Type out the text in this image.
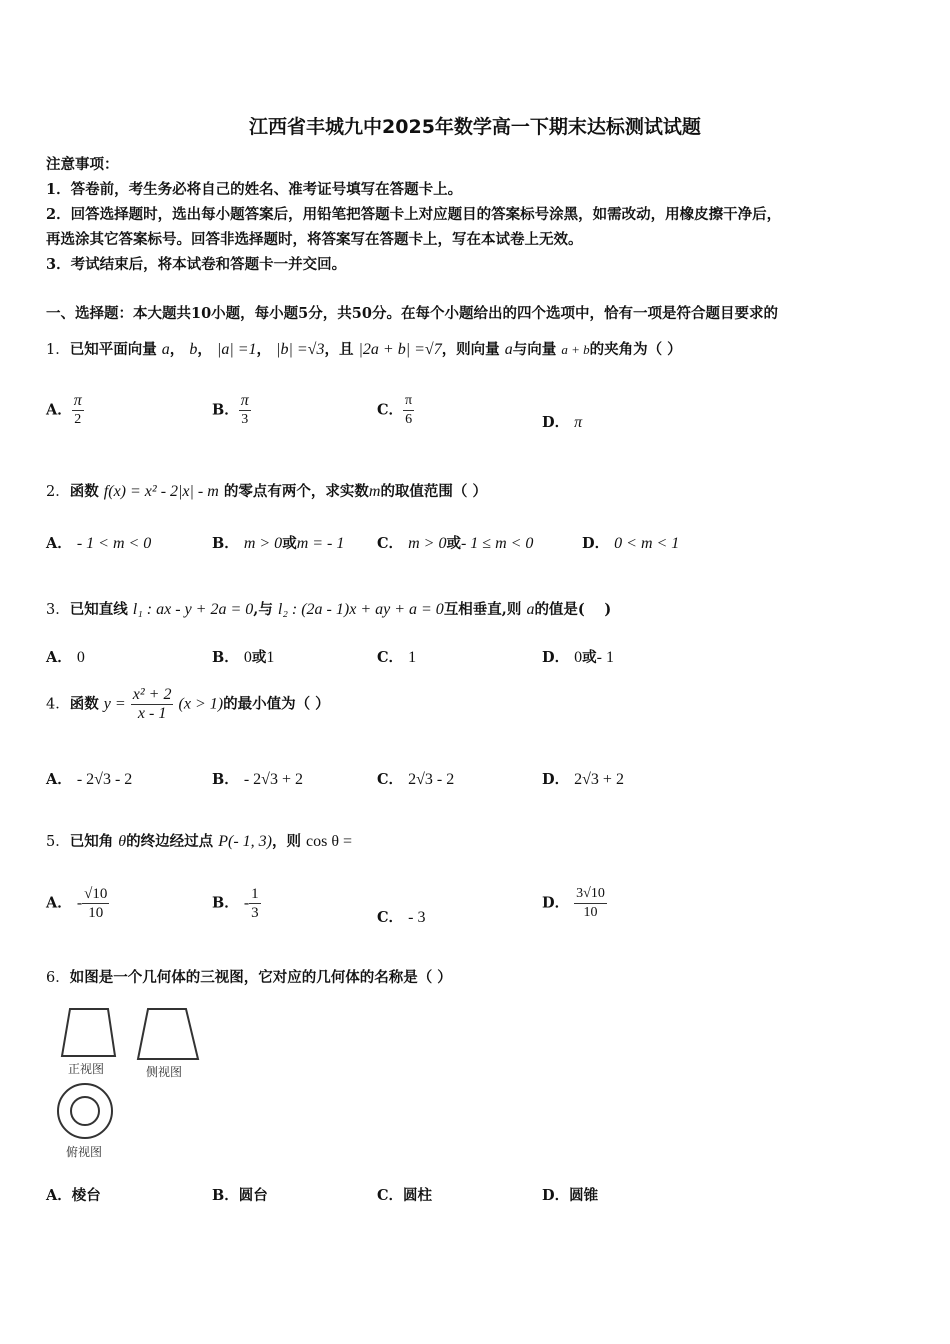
江西省丰城九中2025年数学高一下期末达标测试试题
注意事项：
1．答卷前，考生务必将自己的姓名、准考证号填写在答题卡上。
2．回答选择题时，选出每小题答案后，用铅笔把答题卡上对应题目的答案标号涂黑，如需改动，用橡皮擦干净后，
再选涂其它答案标号。回答非选择题时，将答案写在答题卡上，写在本试卷上无效。
3．考试结束后，将本试卷和答题卡一并交回。
一、选择题：本大题共10小题，每小题5分，共50分。在每个小题给出的四个选项中，恰有一项是符合题目要求的
1．已知平面向量 a， b， |a| =1， |b| =√3，且 |2a + b| =√7，则向量 a与向量 a + b的夹角为（ ）
A． $\frac{\pi}{2}$	B． $\frac{\pi}{3}$	C． $\frac{\pi}{6}$	D． π
2．函数 f(x) = x² - 2|x| - m 的零点有两个，求实数m的取值范围（ ）
A． - 1 < m < 0	B． m > 0或m = - 1 C． m > 0或- 1 ≤ m < 0	D． 0 < m < 1
3．已知直线 l₁ : ax - y + 2a = 0,与 l₂ : (2a - 1)x + ay + a = 0互相垂直,则 a的值是(　 )
A． 0	B． 0或1	C． 1	D． 0或- 1
4．函数 $y = \frac{\text{x² + 2}}{x - 1} (x > 1)$的最小值为（ ）
A． - 2√3 - 2	B． - 2√3 + 2	C． 2√3 - 2	D． 2√3 + 2
5．已知角 θ的终边经过点 P(- 1, 3)，则 cos θ =
A． - $\frac{√10}{10}$	B． - $\frac{1}{3}$	C． - 3
D． $\frac{3√10}{10}$
6．如图是一个几何体的三视图，它对应的几何体的名称是（ ）
正视图	侧视图
俯视图
A．棱台	B．圆台	C．圆柱	D．圆锥
